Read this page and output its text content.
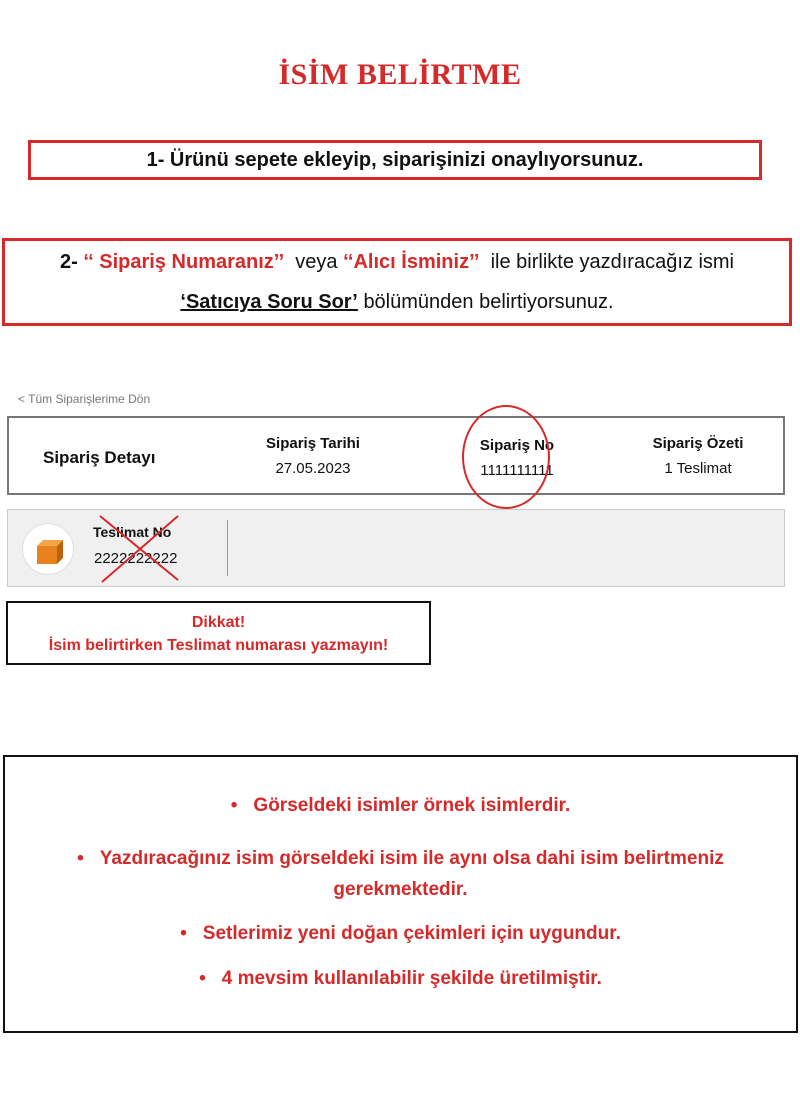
İSİM BELİRTME
1- Ürünü sepete ekleyip, siparişinizi onaylıyorsunuz.
2- ‘‘ Sipariş Numaranız’’ veya ‘‘Alıcı İsminiz’’ ile birlikte yazdıracağız ismi
‘Satıcıya Soru Sor’ bölümünden belirtiyorsunuz.
< Tüm Siparişlerime Dön
Sipariş Detayı
Sipariş Tarihi
27.05.2023
Sipariş No
1111111111
Sipariş Özeti
1 Teslimat
Teslimat No
2222222222
Dikkat!
İsim belirtirken Teslimat numarası yazmayın!
• Görseldeki isimler örnek isimlerdir.
• Yazdıracağınız isim görseldeki isim ile aynı olsa dahi isim belirtmeniz
gerekmektedir.
• Setlerimiz yeni doğan çekimleri için uygundur.
• 4 mevsim kullanılabilir şekilde üretilmiştir.
